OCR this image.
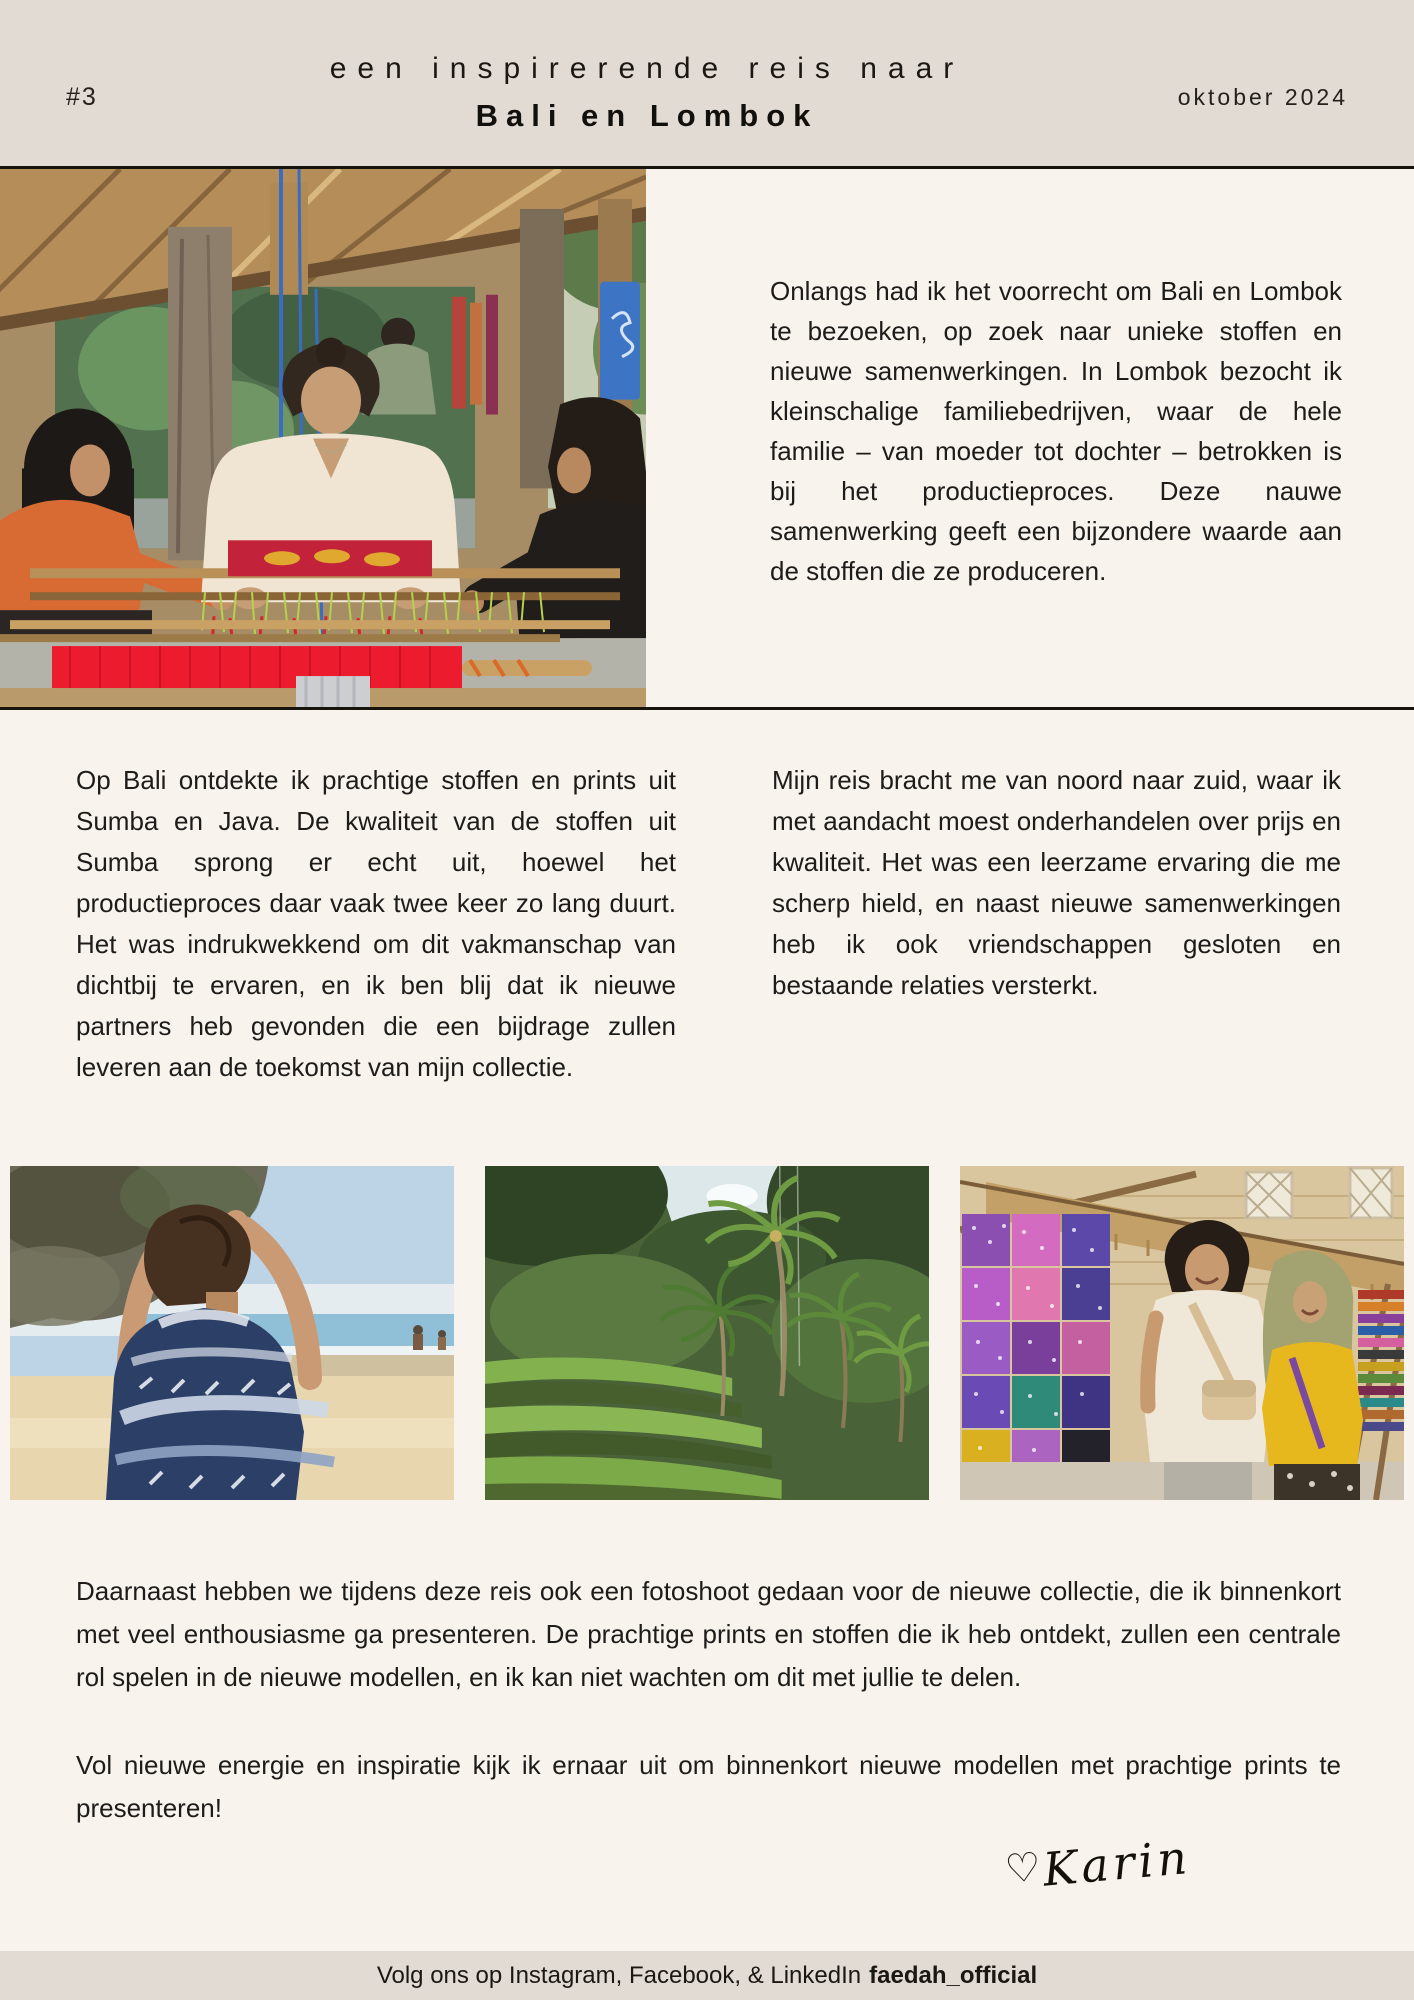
#3
een inspirerende reis naar
Bali en Lombok
oktober 2024

Onlangs had ik het voorrecht om Bali en Lombok te bezoeken, op zoek naar unieke stoffen en nieuwe samenwerkingen. In Lombok bezocht ik kleinschalige familiebedrijven, waar de hele familie – van moeder tot dochter – betrokken is bij het productieproces. Deze nauwe samenwerking geeft een bijzondere waarde aan de stoffen die ze produceren.

Op Bali ontdekte ik prachtige stoffen en prints uit Sumba en Java. De kwaliteit van de stoffen uit Sumba sprong er echt uit, hoewel het productieproces daar vaak twee keer zo lang duurt. Het was indrukwekkend om dit vakmanschap van dichtbij te ervaren, en ik ben blij dat ik nieuwe partners heb gevonden die een bijdrage zullen leveren aan de toekomst van mijn collectie.

Mijn reis bracht me van noord naar zuid, waar ik met aandacht moest onderhandelen over prijs en kwaliteit. Het was een leerzame ervaring die me scherp hield, en naast nieuwe samenwerkingen heb ik ook vriendschappen gesloten en bestaande relaties versterkt.

Daarnaast hebben we tijdens deze reis ook een fotoshoot gedaan voor de nieuwe collectie, die ik binnenkort met veel enthousiasme ga presenteren. De prachtige prints en stoffen die ik heb ontdekt, zullen een centrale rol spelen in de nieuwe modellen, en ik kan niet wachten om dit met jullie te delen.

Vol nieuwe energie en inspiratie kijk ik ernaar uit om binnenkort nieuwe modellen met prachtige prints te presenteren!

♡Karin
Volg ons op Instagram, Facebook, & LinkedIn faedah_official
